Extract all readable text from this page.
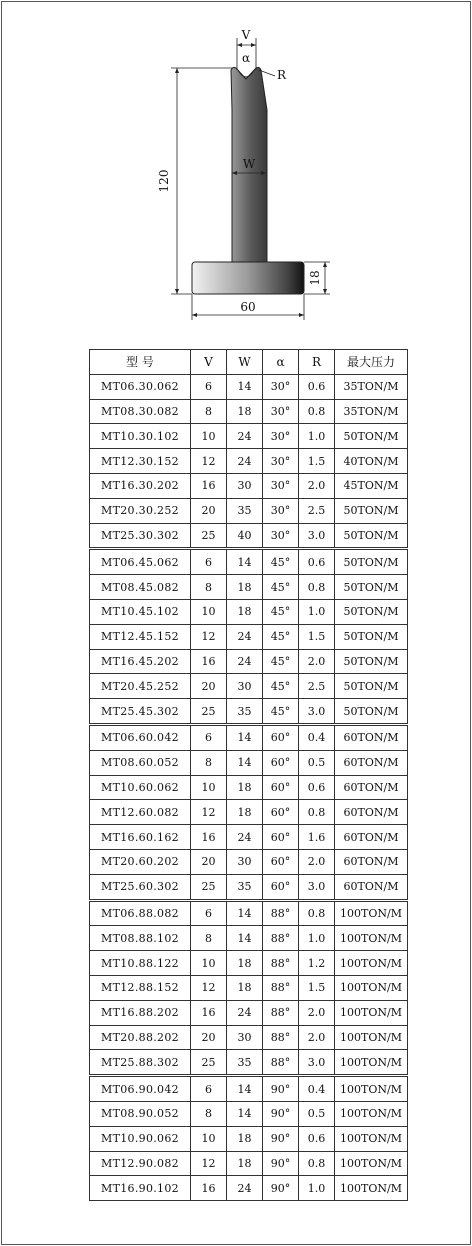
V
α
R
W
120
18
60
型 号	V	W	α	R	最大压力
MT06.30.062	6	14	30°	0.6	35TON/M
MT08.30.082	8	18	30°	0.8	35TON/M
MT10.30.102	10	24	30°	1.0	50TON/M
MT12.30.152	12	24	30°	1.5	40TON/M
MT16.30.202	16	30	30°	2.0	45TON/M
MT20.30.252	20	35	30°	2.5	50TON/M
MT25.30.302	25	40	30°	3.0	50TON/M
MT06.45.062	6	14	45°	0.6	50TON/M
MT08.45.082	8	18	45°	0.8	50TON/M
MT10.45.102	10	18	45°	1.0	50TON/M
MT12.45.152	12	24	45°	1.5	50TON/M
MT16.45.202	16	24	45°	2.0	50TON/M
MT20.45.252	20	30	45°	2.5	50TON/M
MT25.45.302	25	35	45°	3.0	50TON/M
MT06.60.042	6	14	60°	0.4	60TON/M
MT08.60.052	8	14	60°	0.5	60TON/M
MT10.60.062	10	18	60°	0.6	60TON/M
MT12.60.082	12	18	60°	0.8	60TON/M
MT16.60.162	16	24	60°	1.6	60TON/M
MT20.60.202	20	30	60°	2.0	60TON/M
MT25.60.302	25	35	60°	3.0	60TON/M
MT06.88.082	6	14	88°	0.8	100TON/M
MT08.88.102	8	14	88°	1.0	100TON/M
MT10.88.122	10	18	88°	1.2	100TON/M
MT12.88.152	12	18	88°	1.5	100TON/M
MT16.88.202	16	24	88°	2.0	100TON/M
MT20.88.202	20	30	88°	2.0	100TON/M
MT25.88.302	25	35	88°	3.0	100TON/M
MT06.90.042	6	14	90°	0.4	100TON/M
MT08.90.052	8	14	90°	0.5	100TON/M
MT10.90.062	10	18	90°	0.6	100TON/M
MT12.90.082	12	18	90°	0.8	100TON/M
MT16.90.102	16	24	90°	1.0	100TON/M
